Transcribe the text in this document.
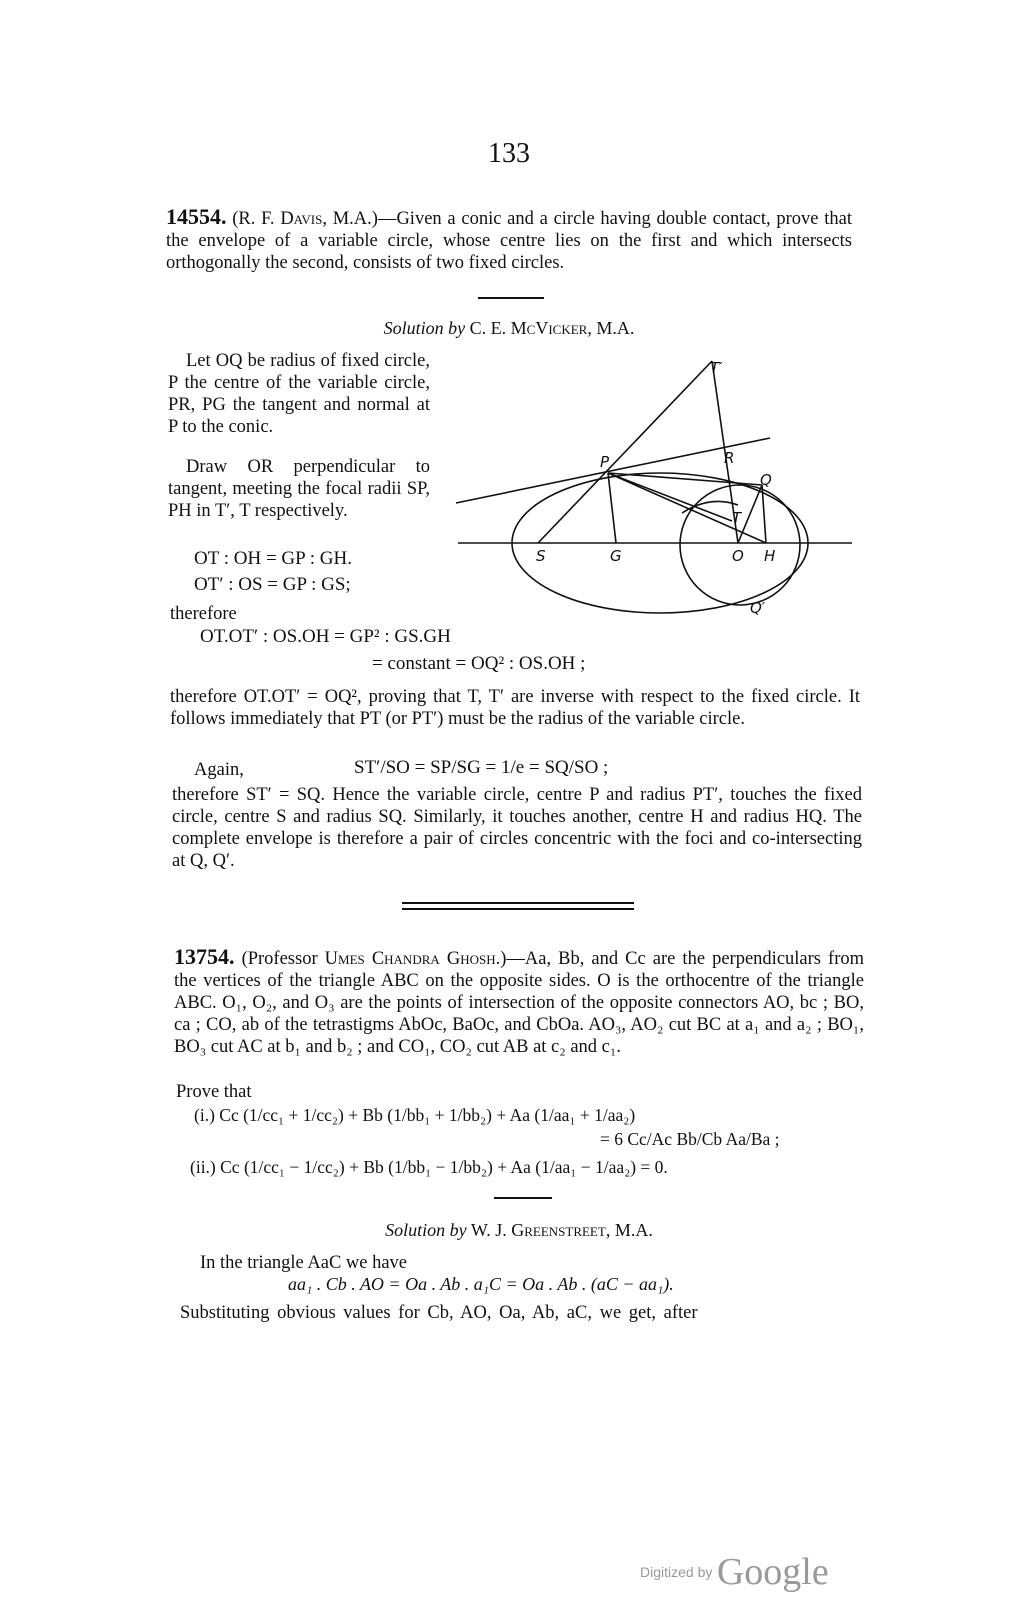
133
14554. (R. F. Davis, M.A.)—Given a conic and a circle having double contact, prove that the envelope of a variable circle, whose centre lies on the first and which intersects orthogonally the second, consists of two fixed circles.
Solution by C. E. McVicker, M.A.
Let OQ be radius of fixed circle, P the centre of the variable circle, PR, PG the tangent and normal at P to the conic.
Draw OR perpendicular to tangent, meeting the focal radii SP, PH in T′, T respectively.
OT : OH = GP : GH.
OT′ : OS = GP : GS;
therefore
OT.OT′ : OS.OH = GP² : GS.GH
= constant = OQ² : OS.OH ;
T′
P	R
Q
T
S	G	O H
Q′
therefore OT.OT′ = OQ², proving that T, T′ are inverse with respect to the fixed circle. It follows immediately that PT (or PT′) must be the radius of the variable circle.
Again,	ST′/SO = SP/SG = 1/e = SQ/SO ;
therefore ST′ = SQ. Hence the variable circle, centre P and radius PT′, touches the fixed circle, centre S and radius SQ. Similarly, it touches another, centre H and radius HQ. The complete envelope is therefore a pair of circles concentric with the foci and co-intersecting at Q, Q′.
13754. (Professor Umes Chandra Ghosh.)—Aa, Bb, and Cc are the perpendiculars from the vertices of the triangle ABC on the opposite sides. O is the orthocentre of the triangle ABC. O₁, O₂, and O₃ are the points of intersection of the opposite connectors AO, bc ; BO, ca ; CO, ab of the tetrastigms AbOc, BaOc, and CbOa. AO₃, AO₂ cut BC at a₁ and a₂ ; BO₁, BO₃ cut AC at b₁ and b₂ ; and CO₁, CO₂ cut AB at c₂ and c₁.
Prove that
(i.) Cc (1/cc₁ + 1/cc₂) + Bb (1/bb₁ + 1/bb₂) + Aa (1/aa₁ + 1/aa₂)
= 6 Cc/Ac Bb/Cb Aa/Ba ;
(ii.) Cc (1/cc₁ − 1/cc₂) + Bb (1/bb₁ − 1/bb₂) + Aa (1/aa₁ − 1/aa₂) = 0.
Solution by W. J. Greenstreet, M.A.
In the triangle AaC we have
aa₁ . Cb . AO = Oa . Ab . a₁C = Oa . Ab . (aC − aa₁).
Substituting obvious values for Cb, AO, Oa, Ab, aC, we get, after
Digitized by Google
